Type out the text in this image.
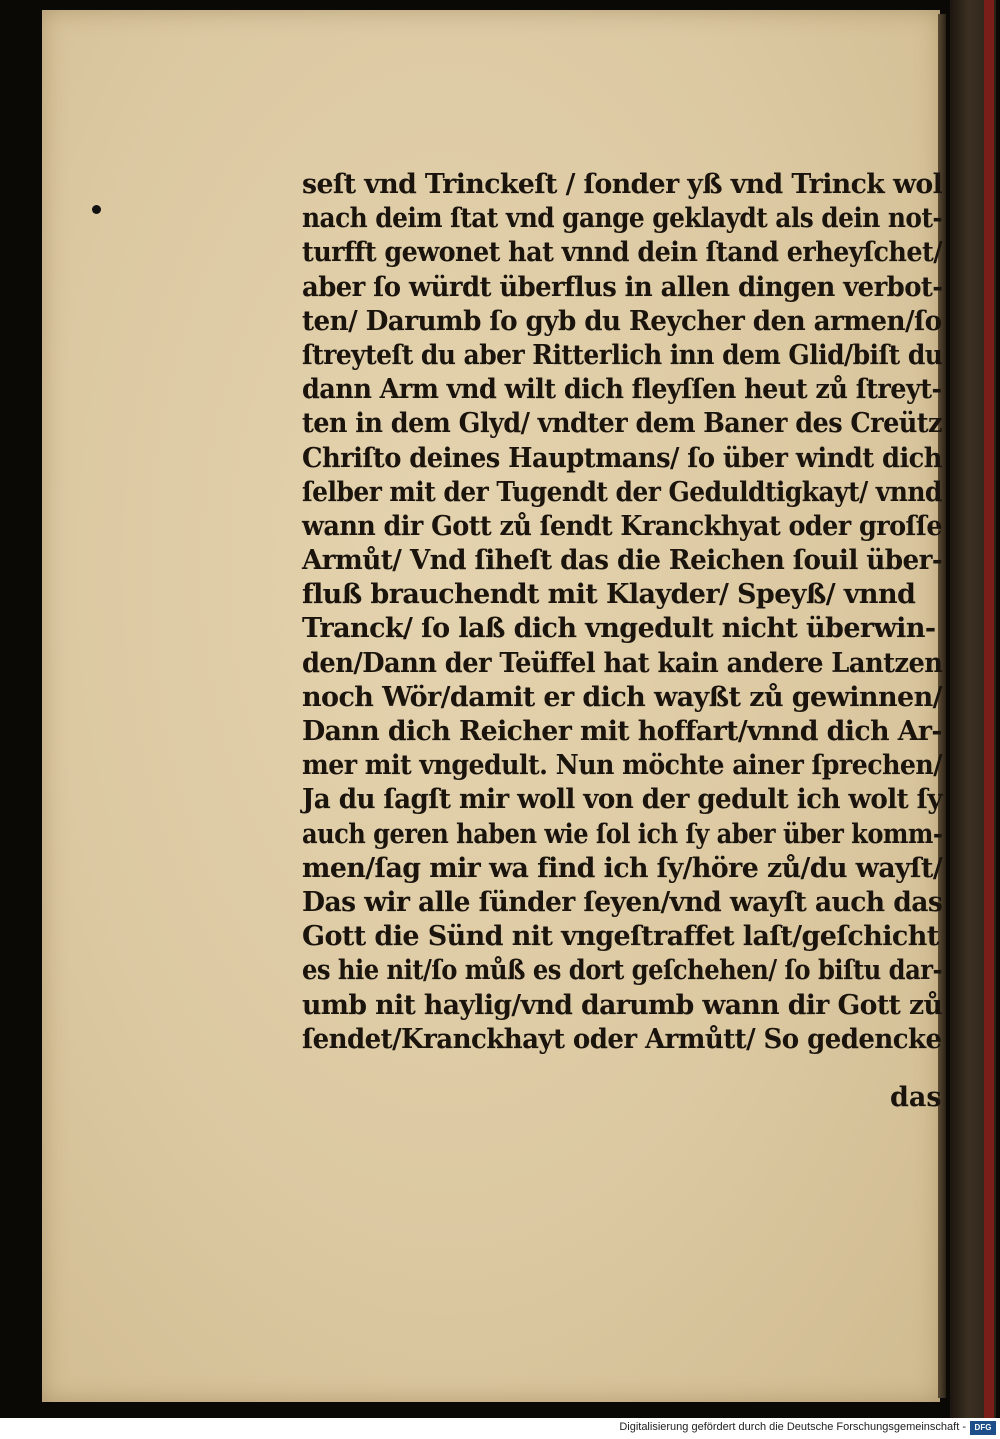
seſt vnd Trinckeſt / ſonder yß vnd Trinck wol
nach deim ſtat vnd gange geklaydt als dein not-
turfft gewonet hat vnnd dein ſtand erheyſchet/
aber ſo würdt überflus in allen dingen verbot-
ten/ Darumb ſo gyb du Reycher den armen/ſo
ſtreyteſt du aber Ritterlich inn dem Glid/biſt du
dann Arm vnd wilt dich fleyſſen heut zů ſtreyt-
ten in dem Glyd/ vndter dem Baner des Creütz
Chriſto deines Hauptmans/ ſo über windt dich
ſelber mit der Tugendt der Geduldtigkayt/ vnnd
wann dir Gott zů ſendt Kranckhyat oder groſſe
Armůt/ Vnd ſiheſt das die Reichen ſouil über-
fluß brauchendt mit Klayder/ Speyß/ vnnd
Tranck/ ſo laß dich vngedult nicht überwin-
den/Dann der Teüffel hat kain andere Lantzen
noch Wör/damit er dich wayßt zů gewinnen/
Dann dich Reicher mit hoffart/vnnd dich Ar-
mer mit vngedult. Nun möchte ainer ſprechen/
Ja du ſagſt mir woll von der gedult ich wolt ſy
auch geren haben wie ſol ich ſy aber über komm-
men/ſag mir wa find ich ſy/höre zů/du wayſt/
Das wir alle ſünder ſeyen/vnd wayſt auch das
Gott die Sünd nit vngeſtraffet laſt/geſchicht
es hie nit/ſo můß es dort geſchehen/ ſo biſtu dar-
umb nit haylig/vnd darumb wann dir Gott zů
ſendet/Kranckhayt oder Armůtt/ So gedencke
das
Digitalisierung gefördert durch die Deutsche Forschungsgemeinschaft -	DFG
